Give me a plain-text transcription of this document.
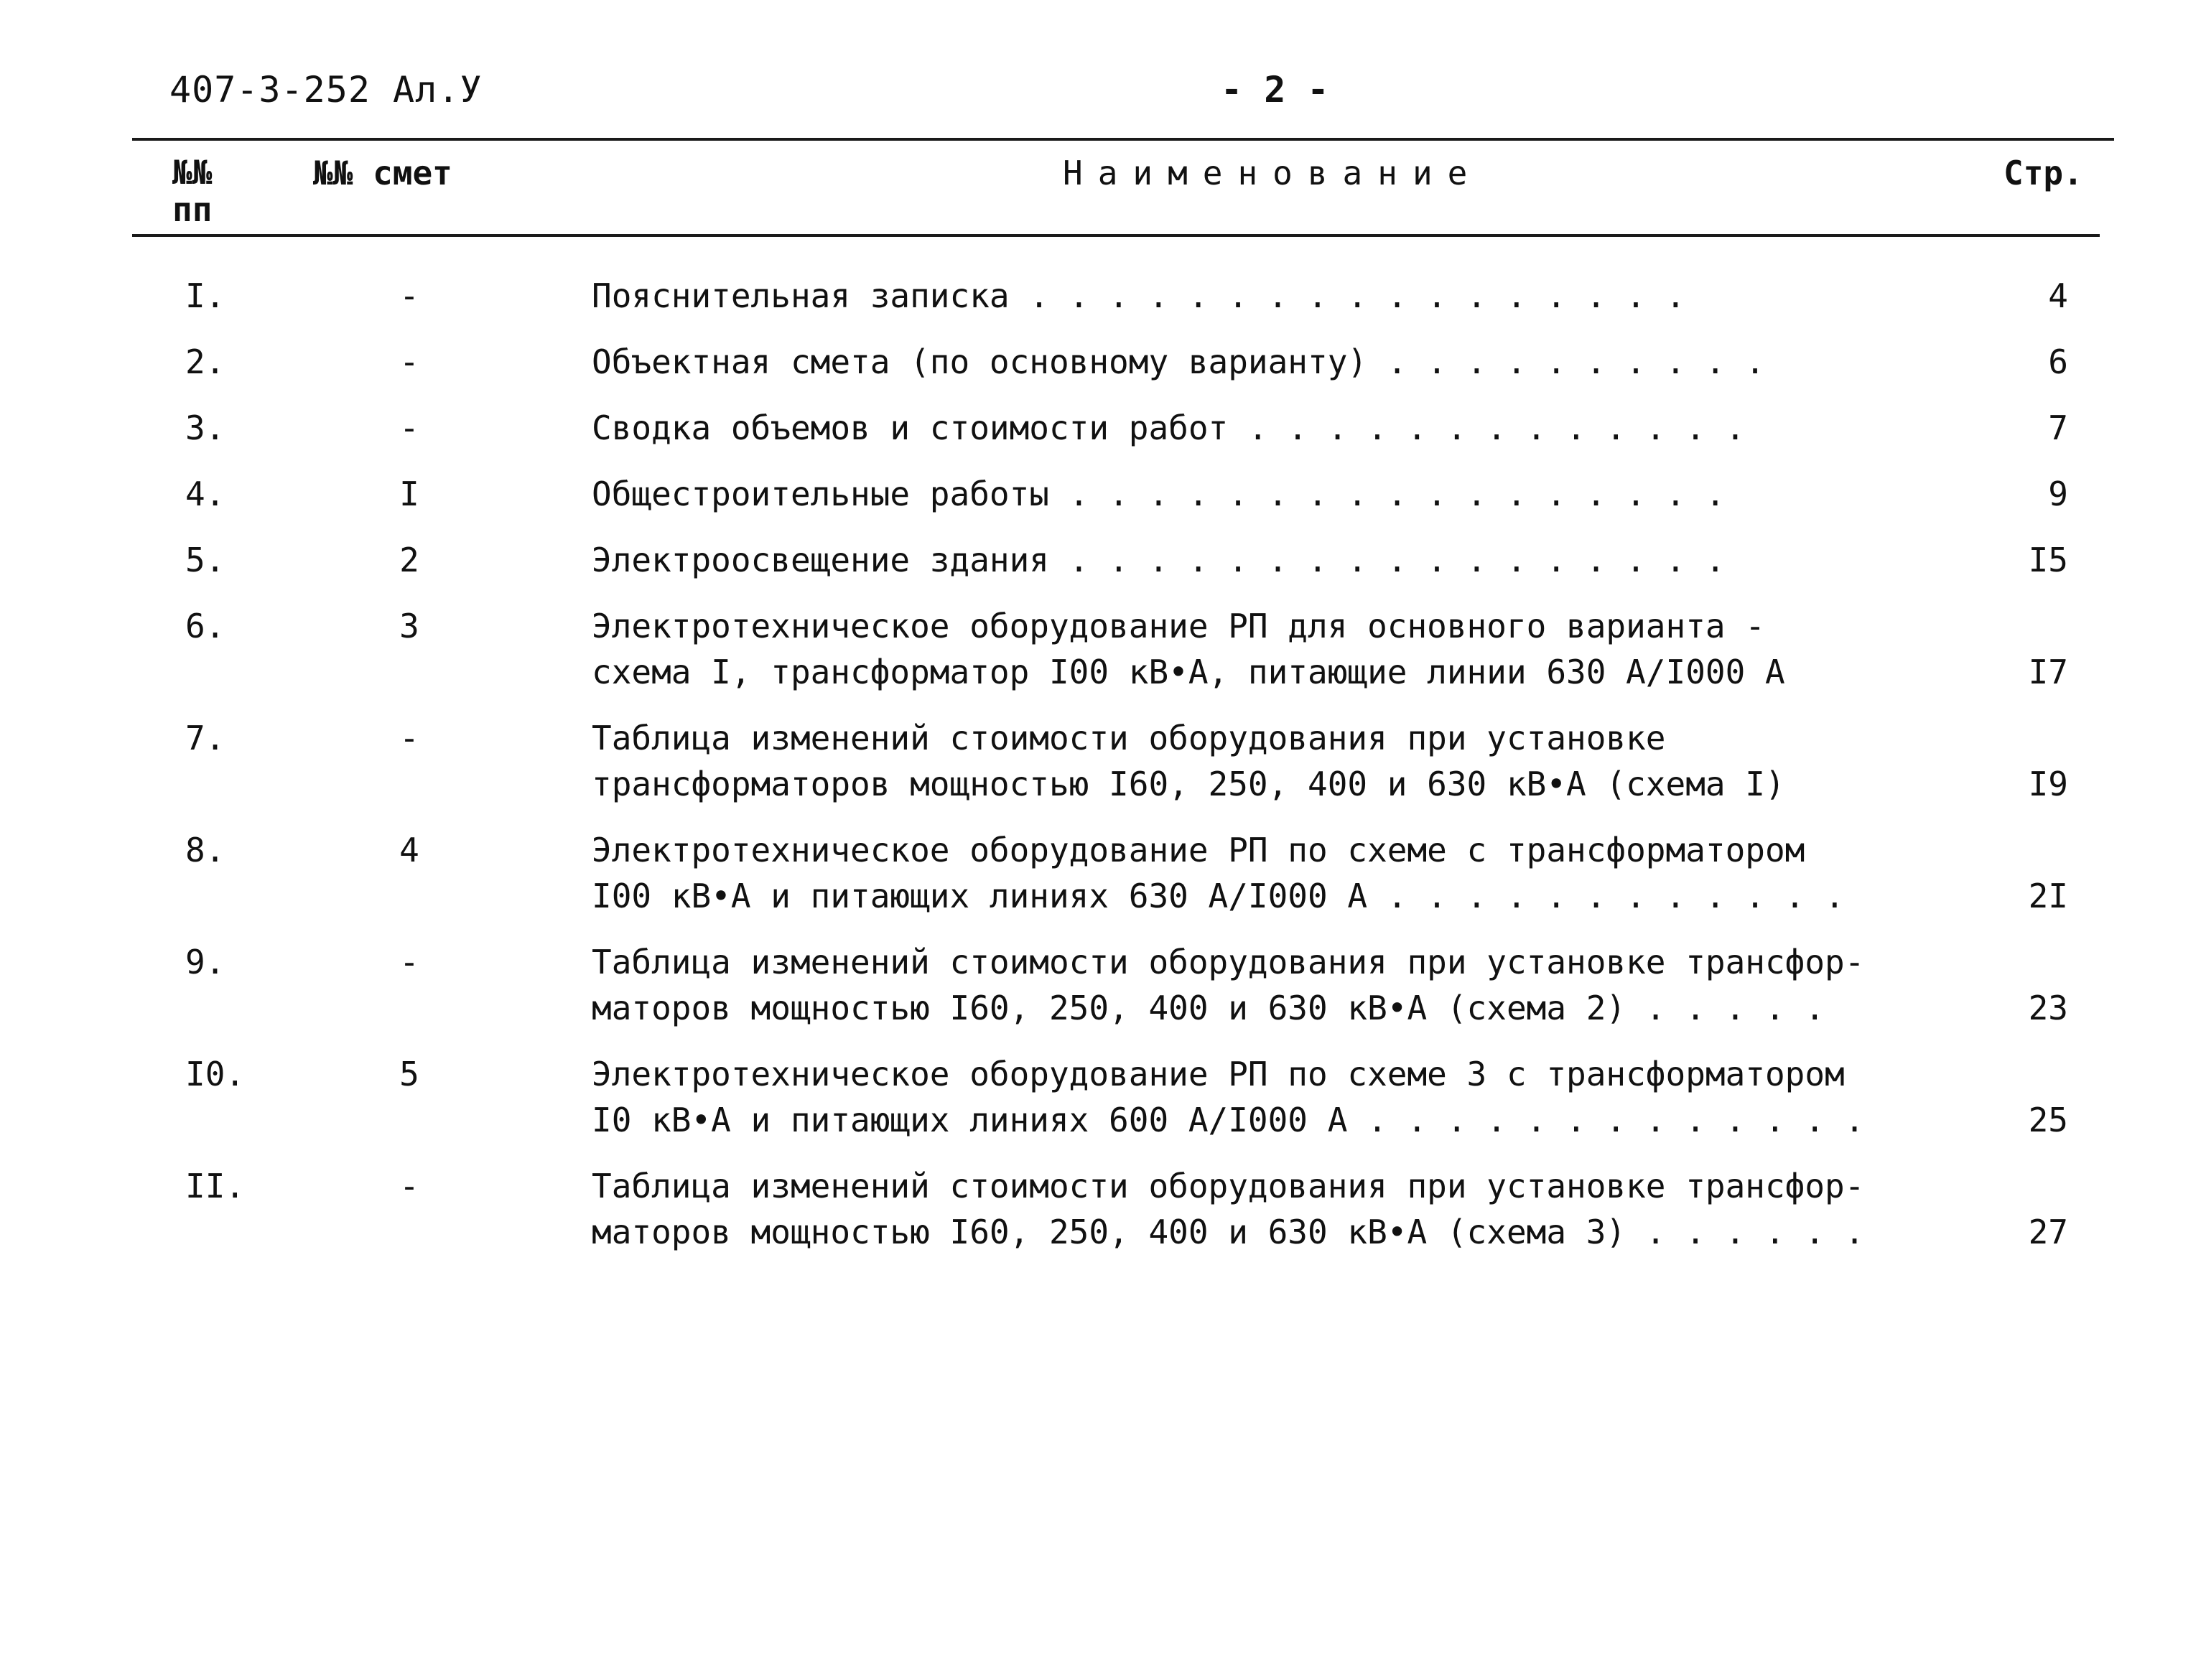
407-3-252 Ал.У	- 2 -
№№ пп
№№ смет	Наименование	Стр.
I.	-	Пояснительная записка . . . . . . . . . . . . . . . . .	4
2.	-	Объектная смета (по основному варианту) . . . . . . . . . .	6
3.	-	Сводка объемов и стоимости работ . . . . . . . . . . . . .	7
4.	I	Общестроительные работы . . . . . . . . . . . . . . . . .	9
5.	2	Электроосвещение здания . . . . . . . . . . . . . . . . .	I5
6.	3	Электротехническое оборудование РП для основного варианта -
схема I, трансформатор I00 кВ•А, питающие линии 630 А/I000 А	I7
7.	-	Таблица изменений стоимости оборудования при установке
трансформаторов мощностью I60, 250, 400 и 630 кВ•А (схема I)	I9
8.	4	Электротехническое оборудование РП по схеме с трансформатором
I00 кВ•А и питающих линиях 630 А/I000 А . . . . . . . . . . . .	2I
9.	-	Таблица изменений стоимости оборудования при установке трансфор-
маторов мощностью I60, 250, 400 и 630 кВ•А (схема 2) . . . . .	23
I0.	5	Электротехническое оборудование РП по схеме 3 с трансформатором
I0 кВ•А и питающих линиях 600 А/I000 А . . . . . . . . . . . . .	25
II.	-	Таблица изменений стоимости оборудования при установке трансфор-
маторов мощностью I60, 250, 400 и 630 кВ•А (схема 3) . . . . . .	27
